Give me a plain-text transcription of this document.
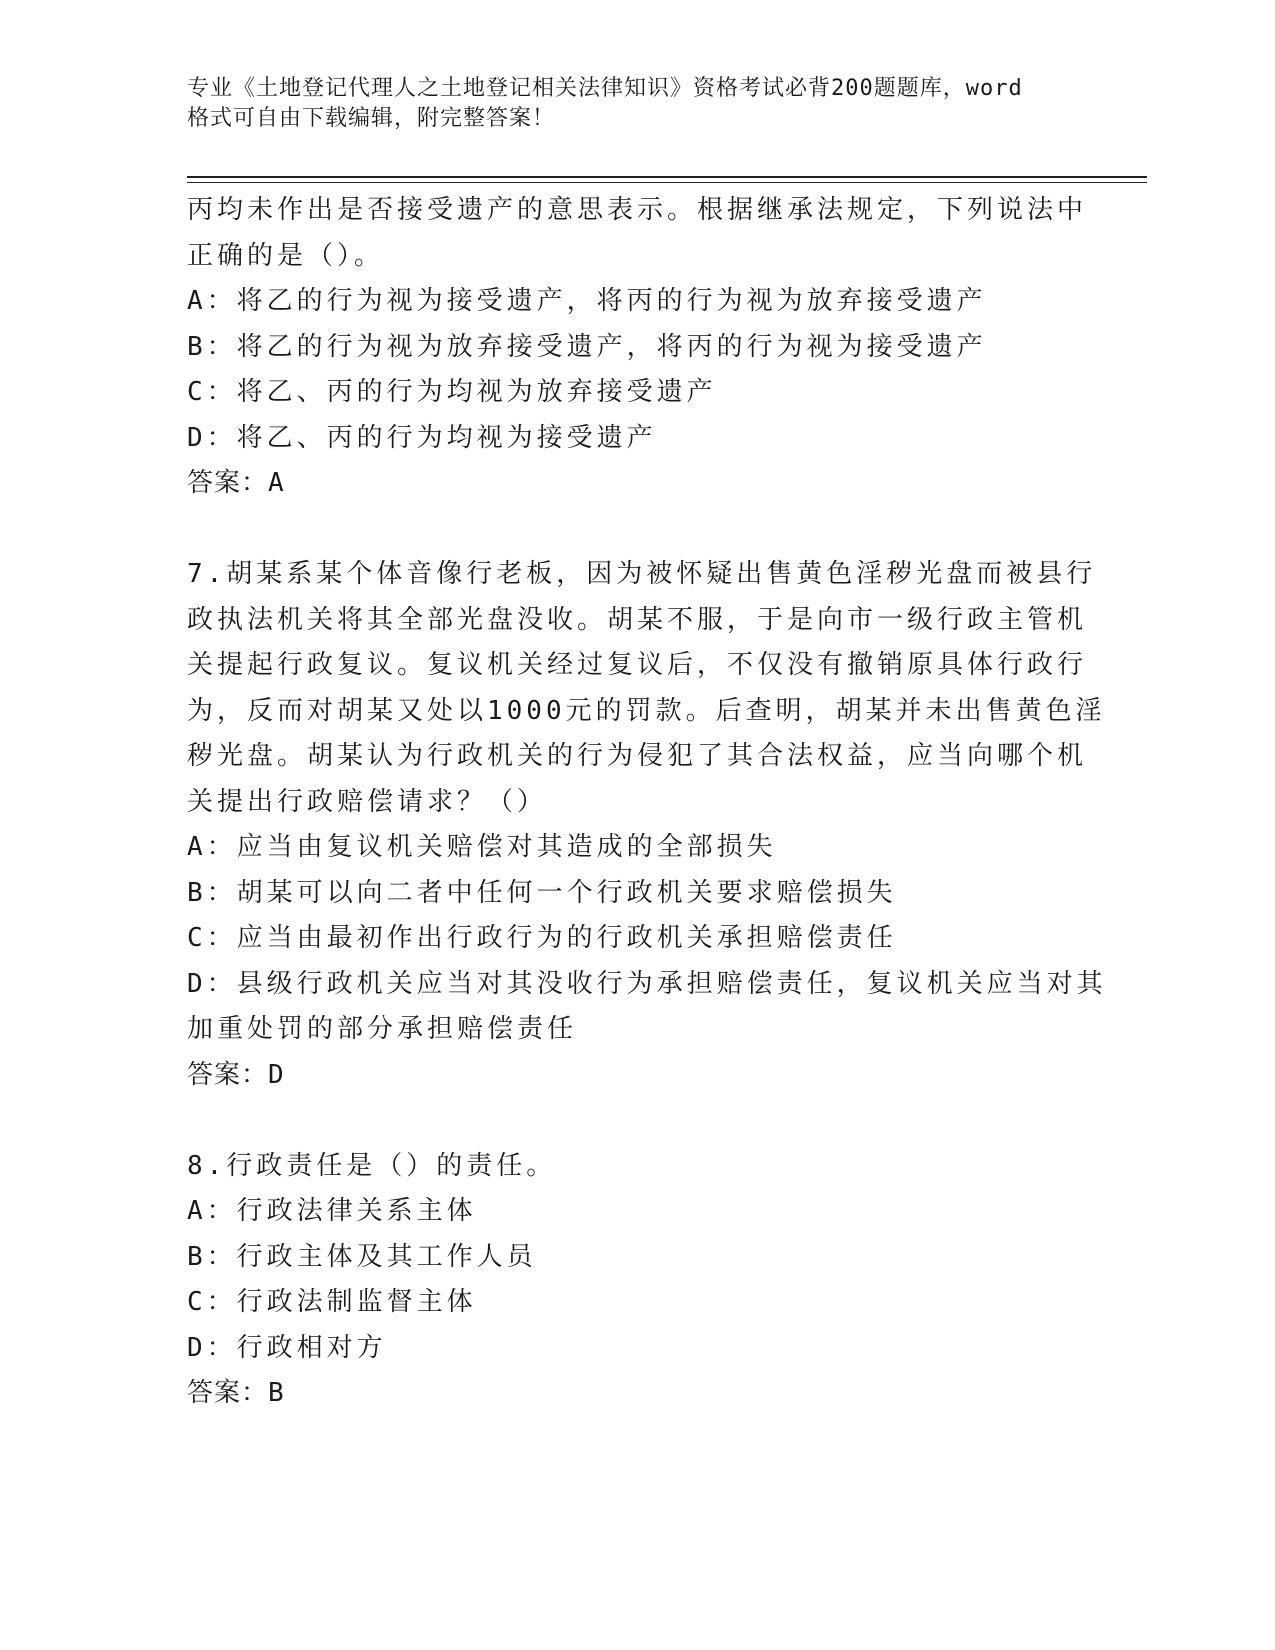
专业《土地登记代理人之土地登记相关法律知识》资格考试必背200题题库，word
格式可自由下载编辑，附完整答案！
丙均未作出是否接受遗产的意思表示。根据继承法规定，下列说法中
正确的是（）。
A：将乙的行为视为接受遗产，将丙的行为视为放弃接受遗产
B：将乙的行为视为放弃接受遗产，将丙的行为视为接受遗产
C：将乙、丙的行为均视为放弃接受遗产
D：将乙、丙的行为均视为接受遗产
答案：A
7.胡某系某个体音像行老板，因为被怀疑出售黄色淫秽光盘而被县行
政执法机关将其全部光盘没收。胡某不服，于是向市一级行政主管机
关提起行政复议。复议机关经过复议后，不仅没有撤销原具体行政行
为，反而对胡某又处以1000元的罚款。后查明，胡某并未出售黄色淫
秽光盘。胡某认为行政机关的行为侵犯了其合法权益，应当向哪个机
关提出行政赔偿请求？（）
A：应当由复议机关赔偿对其造成的全部损失
B：胡某可以向二者中任何一个行政机关要求赔偿损失
C：应当由最初作出行政行为的行政机关承担赔偿责任
D：县级行政机关应当对其没收行为承担赔偿责任，复议机关应当对其
加重处罚的部分承担赔偿责任
答案：D
8.行政责任是（）的责任。
A：行政法律关系主体
B：行政主体及其工作人员
C：行政法制监督主体
D：行政相对方
答案：B
